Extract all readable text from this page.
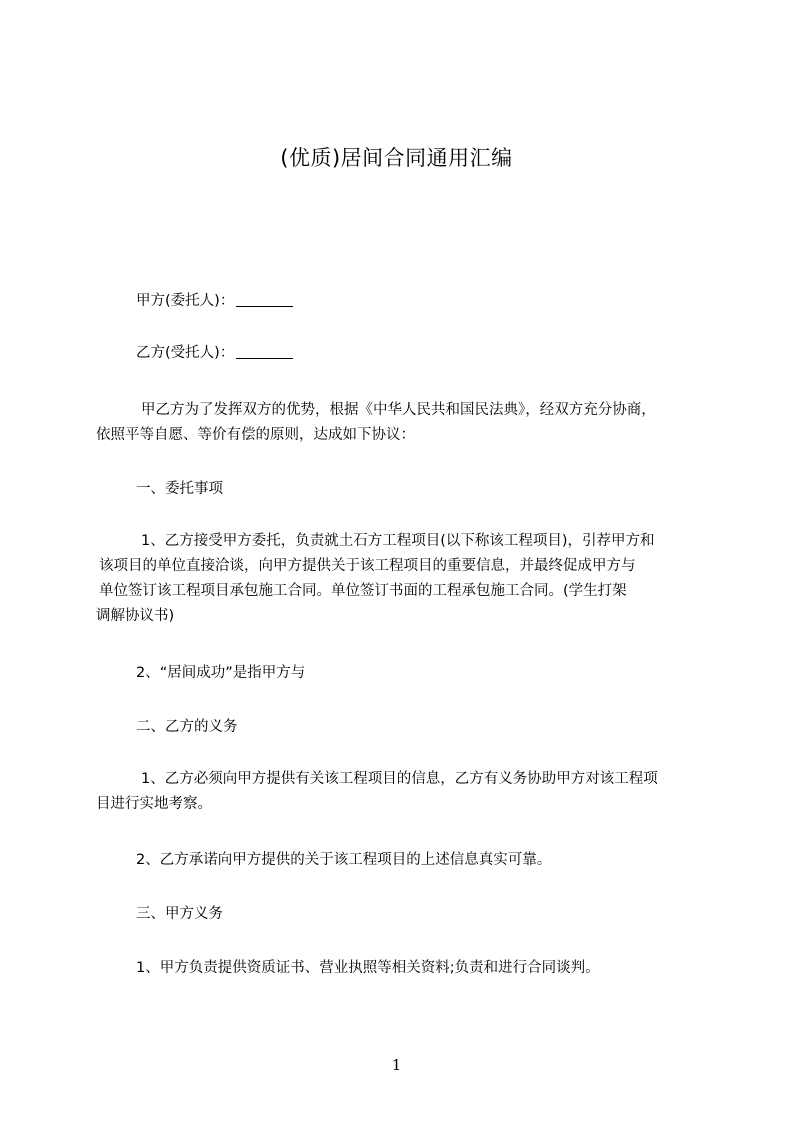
(优质)居间合同通用汇编
甲方(委托人)：
乙方(受托人)：
甲乙方为了发挥双方的优势，根据《中华人民共和国民法典》，经双方充分协商，
依照平等自愿、等价有偿的原则，达成如下协议：
一、委托事项
1、乙方接受甲方委托，负责就土石方工程项目(以下称该工程项目)，引荐甲方和
该项目的单位直接洽谈，向甲方提供关于该工程项目的重要信息，并最终促成甲方与
单位签订该工程项目承包施工合同。单位签订书面的工程承包施工合同。(学生打架
调解协议书)
2、“居间成功”是指甲方与
二、乙方的义务
1、乙方必须向甲方提供有关该工程项目的信息，乙方有义务协助甲方对该工程项
目进行实地考察。
2、乙方承诺向甲方提供的关于该工程项目的上述信息真实可靠。
三、甲方义务
1、甲方负责提供资质证书、营业执照等相关资料;负责和进行合同谈判。
1
